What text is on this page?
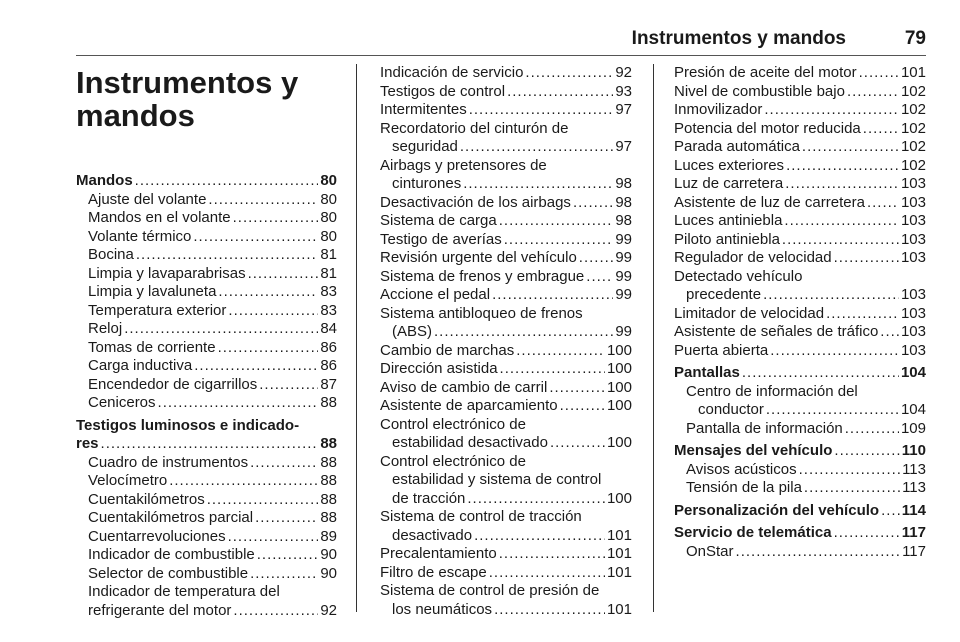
Instrumentos y mandos	79
Instrumentos y
mandos
Mandos .....	80
Ajuste del volante .....	80
Mandos en el volante .....	80
Volante térmico .....	80
Bocina .....	81
Limpia y lavaparabrisas .....	81
Limpia y lavaluneta .....	83
Temperatura exterior .....	83
Reloj .....	84
Tomas de corriente .....	86
Carga inductiva .....	86
Encendedor de cigarrillos .....	87
Ceniceros .....	88
Testigos luminosos e indicado-
res .....	88
Cuadro de instrumentos .....	88
Velocímetro .....	88
Cuentakilómetros .....	88
Cuentakilómetros parcial .....	88
Cuentarrevoluciones .....	89
Indicador de combustible .....	90
Selector de combustible .....	90
Indicador de temperatura del
refrigerante del motor .....	92
Indicación de servicio .....	92
Testigos de control .....	93
Intermitentes .....	97
Recordatorio del cinturón de
seguridad .....	97
Airbags y pretensores de
cinturones .....	98
Desactivación de los airbags .....	98
Sistema de carga .....	98
Testigo de averías .....	99
Revisión urgente del vehículo .....	99
Sistema de frenos y embrague ..... 99
Accione el pedal .....	99
Sistema antibloqueo de frenos
(ABS) .....	99
Cambio de marchas .....	100
Dirección asistida .....	100
Aviso de cambio de carril .....	100
Asistente de aparcamiento .....	100
Control electrónico de
estabilidad desactivado .....	100
Control electrónico de
estabilidad y sistema de control
de tracción .....	100
Sistema de control de tracción
desactivado .....	101
Precalentamiento .....	101
Filtro de escape .....	101
Sistema de control de presión de
los neumáticos .....	101
Presión de aceite del motor .....	101
Nivel de combustible bajo .....	102
Inmovilizador .....	102
Potencia del motor reducida .....	102
Parada automática .....	102
Luces exteriores .....	102
Luz de carretera .....	103
Asistente de luz de carretera ..... 103
Luces antiniebla .....	103
Piloto antiniebla .....	103
Regulador de velocidad .....	103
Detectado vehículo
precedente .....	103
Limitador de velocidad .....	103
Asistente de señales de tráfico ..... 103
Puerta abierta .....	103
Pantallas .....	104
Centro de información del
conductor .....	104
Pantalla de información .....	109
Mensajes del vehículo .....	110
Avisos acústicos .....	113
Tensión de la pila .....	113
Personalización del vehículo ..... 114
Servicio de telemática .....	117
OnStar .....	117
